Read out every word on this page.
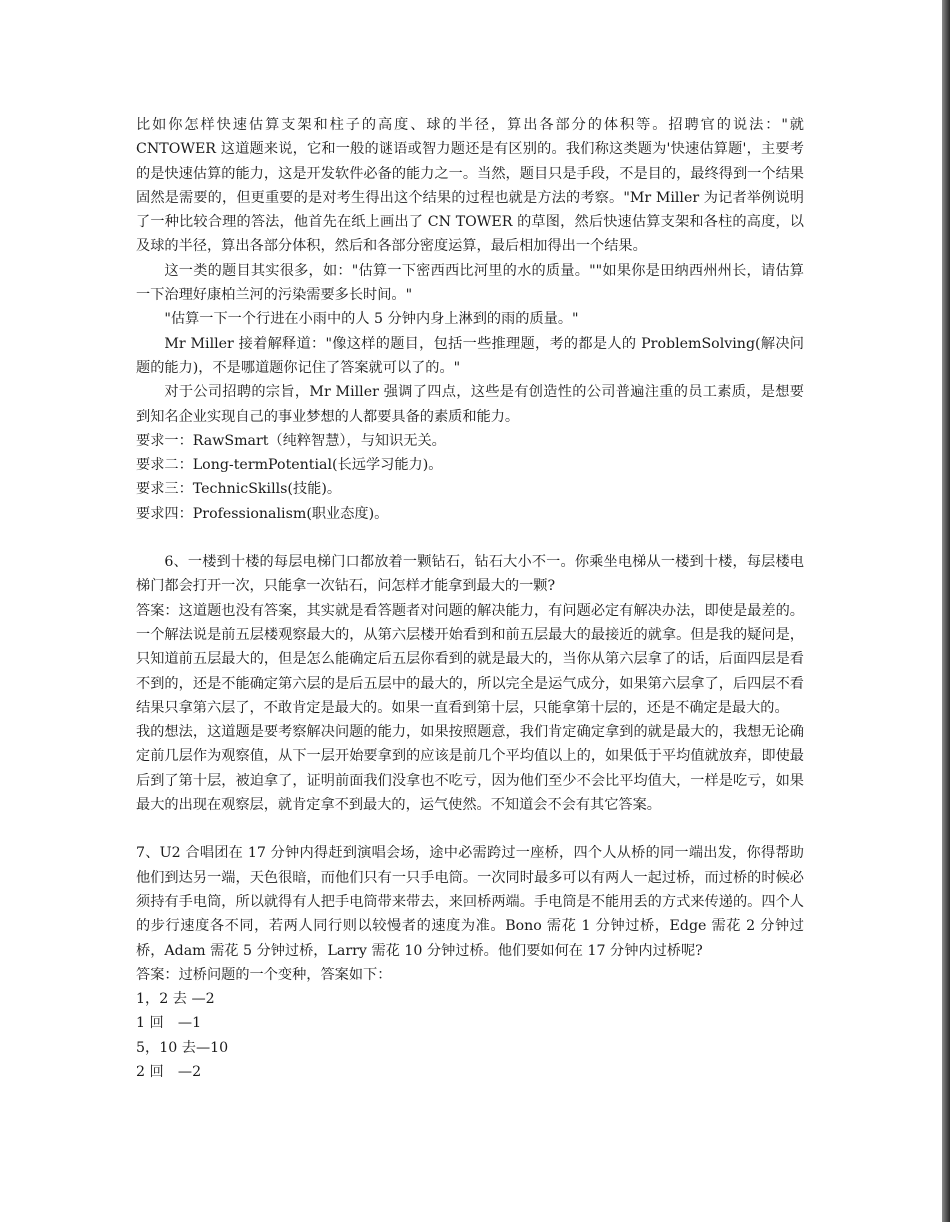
比如你怎样快速估算支架和柱子的高度、球的半径，算出各部分的体积等。招聘官的说法："就 CNTOWER 这道题来说，它和一般的谜语或智力题还是有区别的。我们称这类题为'快速估算题'，主要考的是快速估算的能力，这是开发软件必备的能力之一。当然，题目只是手段，不是目的，最终得到一个结果固然是需要的，但更重要的是对考生得出这个结果的过程也就是方法的考察。"Mr Miller 为记者举例说明了一种比较合理的答法，他首先在纸上画出了 CN TOWER 的草图，然后快速估算支架和各柱的高度，以及球的半径，算出各部分体积，然后和各部分密度运算，最后相加得出一个结果。

这一类的题目其实很多，如："估算一下密西西比河里的水的质量。""如果你是田纳西州州长，请估算一下治理好康柏兰河的污染需要多长时间。"

"估算一下一个行进在小雨中的人 5 分钟内身上淋到的雨的质量。"

Mr Miller 接着解释道："像这样的题目，包括一些推理题，考的都是人的 ProblemSolving(解决问题的能力)，不是哪道题你记住了答案就可以了的。"

对于公司招聘的宗旨，Mr Miller 强调了四点，这些是有创造性的公司普遍注重的员工素质，是想要到知名企业实现自己的事业梦想的人都要具备的素质和能力。

要求一：RawSmart（纯粹智慧），与知识无关。

要求二：Long-termPotential(长远学习能力)。

要求三：TechnicSkills(技能)。

要求四：Professionalism(职业态度)。

6、一楼到十楼的每层电梯门口都放着一颗钻石，钻石大小不一。你乘坐电梯从一楼到十楼，每层楼电梯门都会打开一次，只能拿一次钻石，问怎样才能拿到最大的一颗?

答案：这道题也没有答案，其实就是看答题者对问题的解决能力，有问题必定有解决办法，即使是最差的。一个解法说是前五层楼观察最大的，从第六层楼开始看到和前五层最大的最接近的就拿。但是我的疑问是，只知道前五层最大的，但是怎么能确定后五层你看到的就是最大的，当你从第六层拿了的话，后面四层是看不到的，还是不能确定第六层的是后五层中的最大的，所以完全是运气成分，如果第六层拿了，后四层不看结果只拿第六层了，不敢肯定是最大的。如果一直看到第十层，只能拿第十层的，还是不确定是最大的。

我的想法，这道题是要考察解决问题的能力，如果按照题意，我们肯定确定拿到的就是最大的，我想无论确定前几层作为观察值，从下一层开始要拿到的应该是前几个平均值以上的，如果低于平均值就放弃，即使最后到了第十层，被迫拿了，证明前面我们没拿也不吃亏，因为他们至少不会比平均值大，一样是吃亏，如果最大的出现在观察层，就肯定拿不到最大的，运气使然。不知道会不会有其它答案。

7、U2 合唱团在 17 分钟内得赶到演唱会场，途中必需跨过一座桥，四个人从桥的同一端出发，你得帮助他们到达另一端，天色很暗，而他们只有一只手电筒。一次同时最多可以有两人一起过桥，而过桥的时候必须持有手电筒，所以就得有人把手电筒带来带去，来回桥两端。手电筒是不能用丢的方式来传递的。四个人的步行速度各不同，若两人同行则以较慢者的速度为准。Bono 需花 1 分钟过桥，Edge 需花 2 分钟过桥，Adam 需花 5 分钟过桥，Larry 需花 10 分钟过桥。他们要如何在 17 分钟内过桥呢?

答案：过桥问题的一个变种，答案如下：

1，2 去 —2

1 回　—1

5，10 去—10

2 回　—2
